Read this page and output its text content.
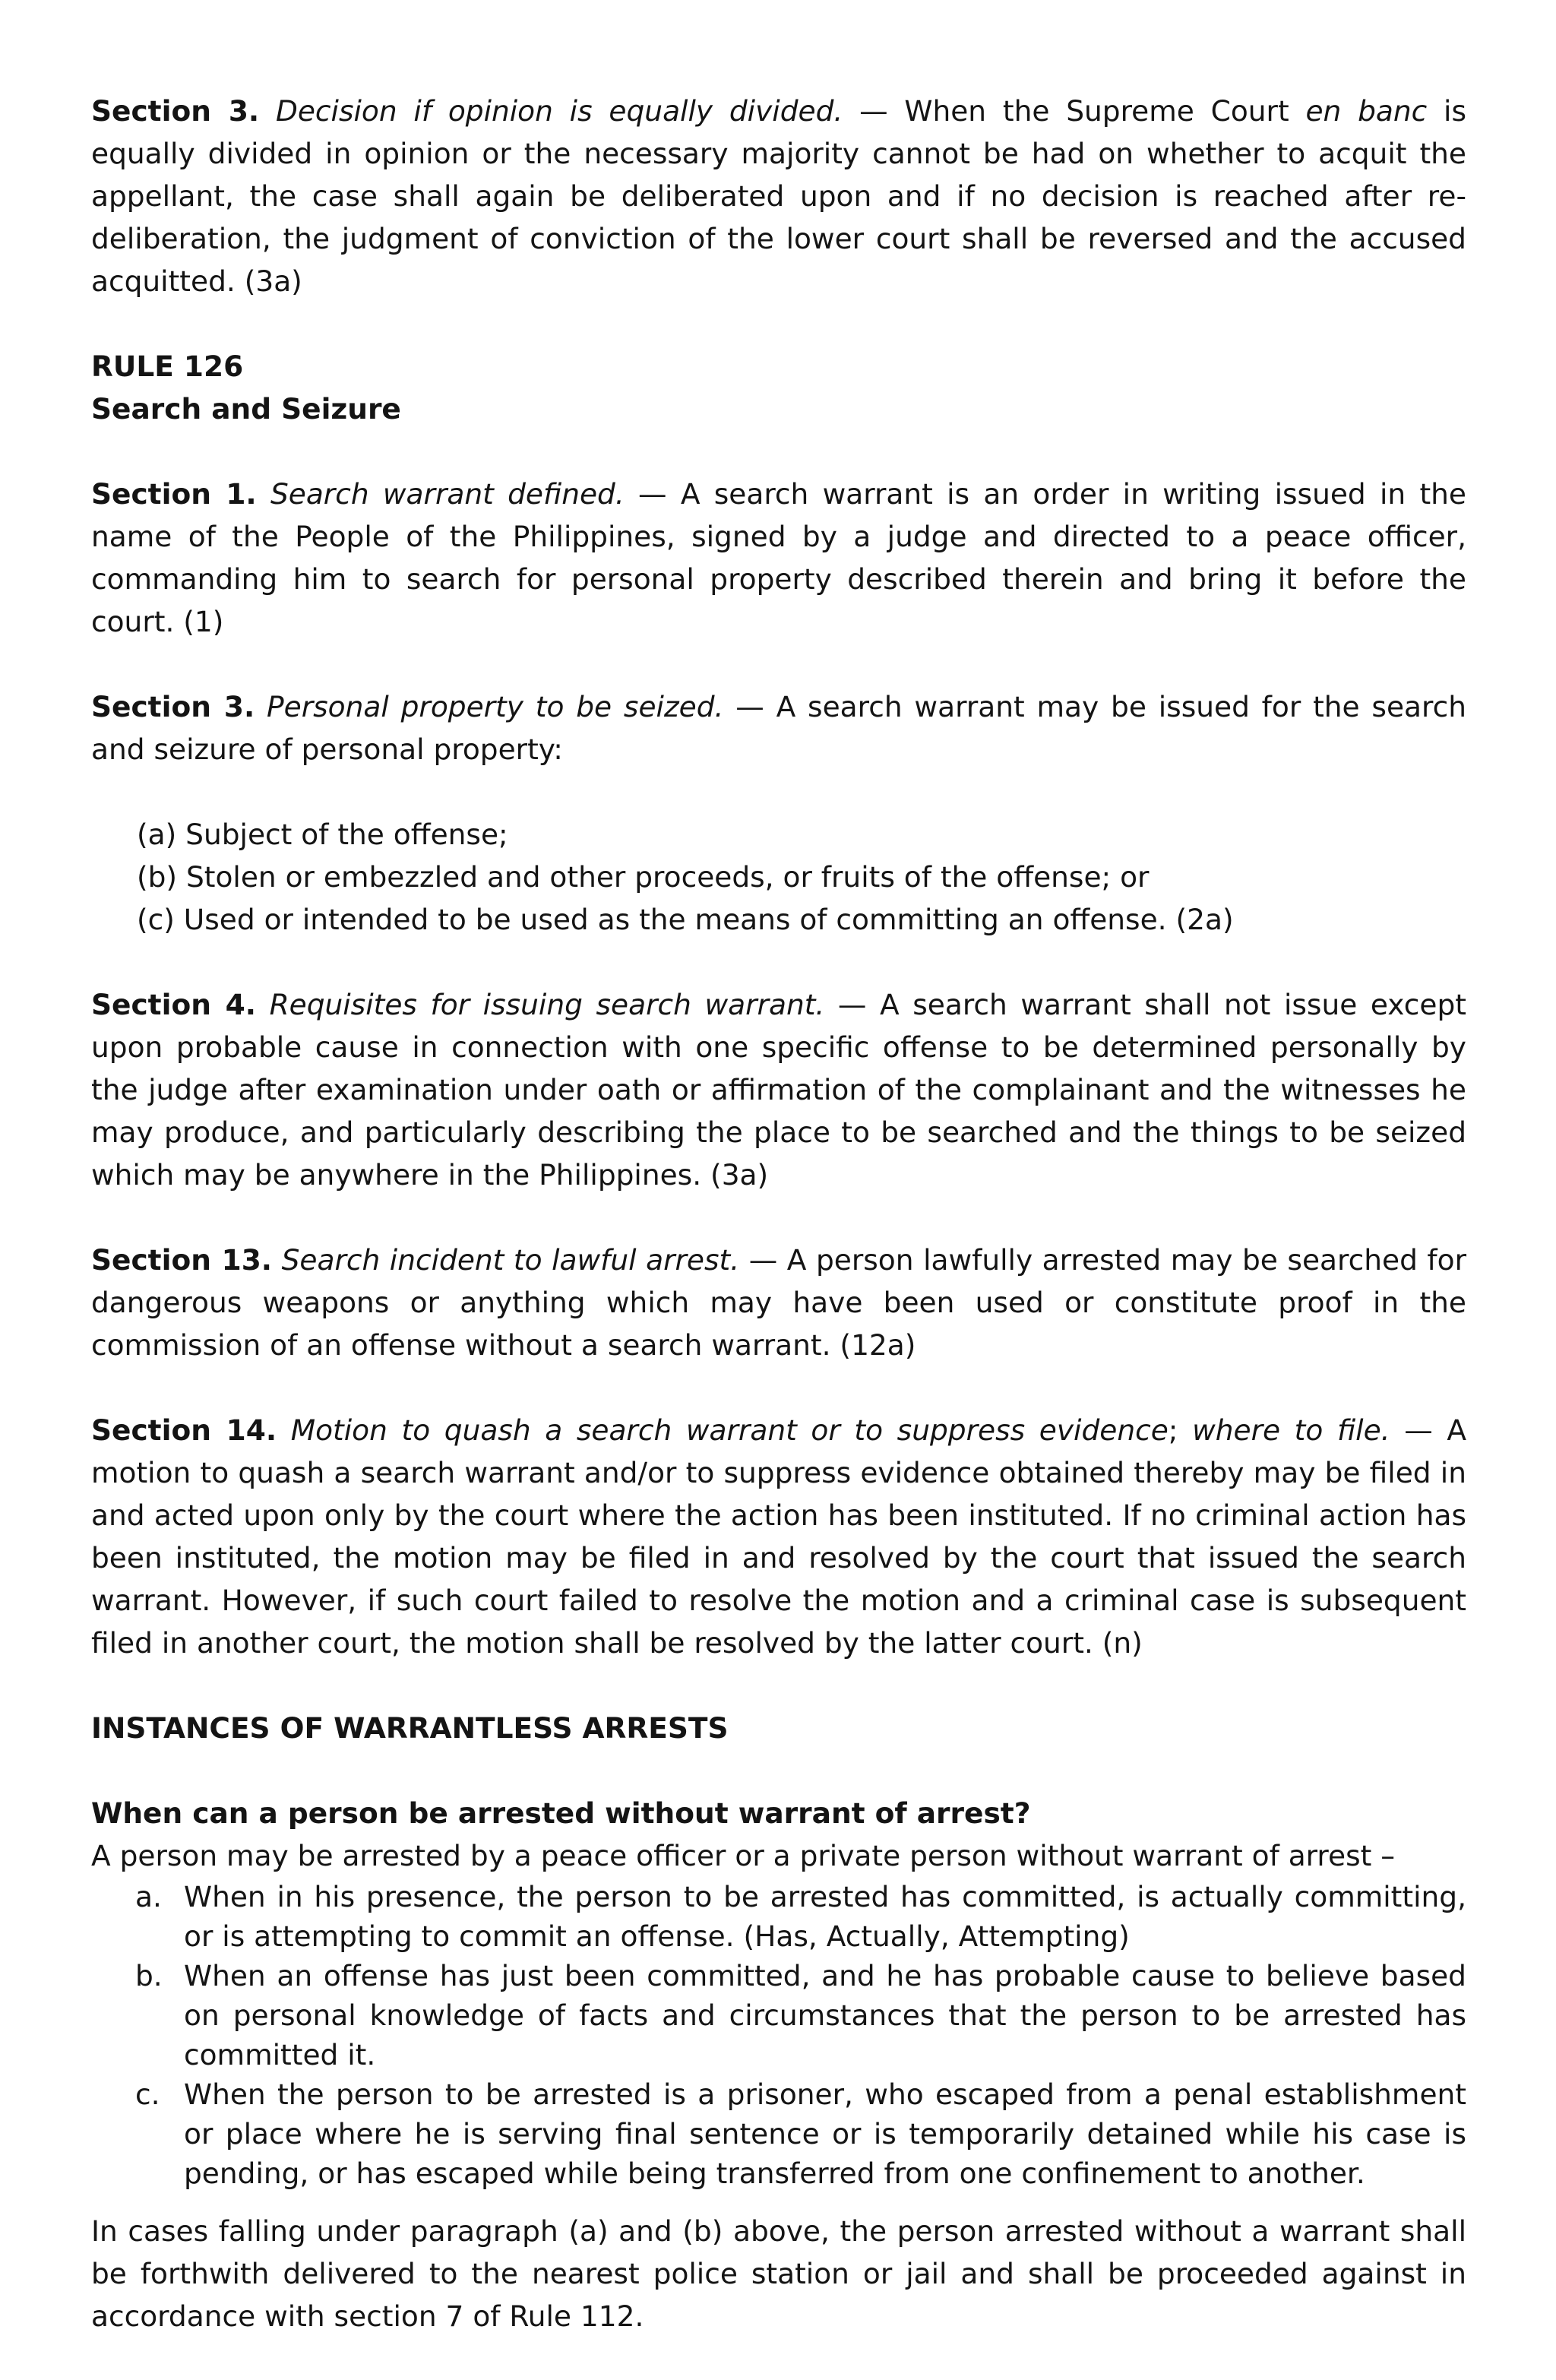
Section 3. Decision if opinion is equally divided. — When the Supreme Court en banc is equally divided in opinion or the necessary majority cannot be had on whether to acquit the appellant, the case shall again be deliberated upon and if no decision is reached after re-deliberation, the judgment of conviction of the lower court shall be reversed and the accused acquitted. (3a)

RULE 126
Search and Seizure

Section 1. Search warrant defined. — A search warrant is an order in writing issued in the name of the People of the Philippines, signed by a judge and directed to a peace officer, commanding him to search for personal property described therein and bring it before the court. (1)

Section 3. Personal property to be seized. — A search warrant may be issued for the search and seizure of personal property:

(a) Subject of the offense;
(b) Stolen or embezzled and other proceeds, or fruits of the offense; or
(c) Used or intended to be used as the means of committing an offense. (2a)

Section 4. Requisites for issuing search warrant. — A search warrant shall not issue except upon probable cause in connection with one specific offense to be determined personally by the judge after examination under oath or affirmation of the complainant and the witnesses he may produce, and particularly describing the place to be searched and the things to be seized which may be anywhere in the Philippines. (3a)

Section 13. Search incident to lawful arrest. — A person lawfully arrested may be searched for dangerous weapons or anything which may have been used or constitute proof in the commission of an offense without a search warrant. (12a)

Section 14. Motion to quash a search warrant or to suppress evidence; where to file. — A motion to quash a search warrant and/or to suppress evidence obtained thereby may be filed in and acted upon only by the court where the action has been instituted. If no criminal action has been instituted, the motion may be filed in and resolved by the court that issued the search warrant. However, if such court failed to resolve the motion and a criminal case is subsequent filed in another court, the motion shall be resolved by the latter court. (n)

INSTANCES OF WARRANTLESS ARRESTS

When can a person be arrested without warrant of arrest?

A person may be arrested by a peace officer or a private person without warrant of arrest –

a. When in his presence, the person to be arrested has committed, is actually committing, or is attempting to commit an offense. (Has, Actually, Attempting)
b. When an offense has just been committed, and he has probable cause to believe based on personal knowledge of facts and circumstances that the person to be arrested has committed it.
c. When the person to be arrested is a prisoner, who escaped from a penal establishment or place where he is serving final sentence or is temporarily detained while his case is pending, or has escaped while being transferred from one confinement to another.

In cases falling under paragraph (a) and (b) above, the person arrested without a warrant shall be forthwith delivered to the nearest police station or jail and shall be proceeded against in accordance with section 7 of Rule 112.
